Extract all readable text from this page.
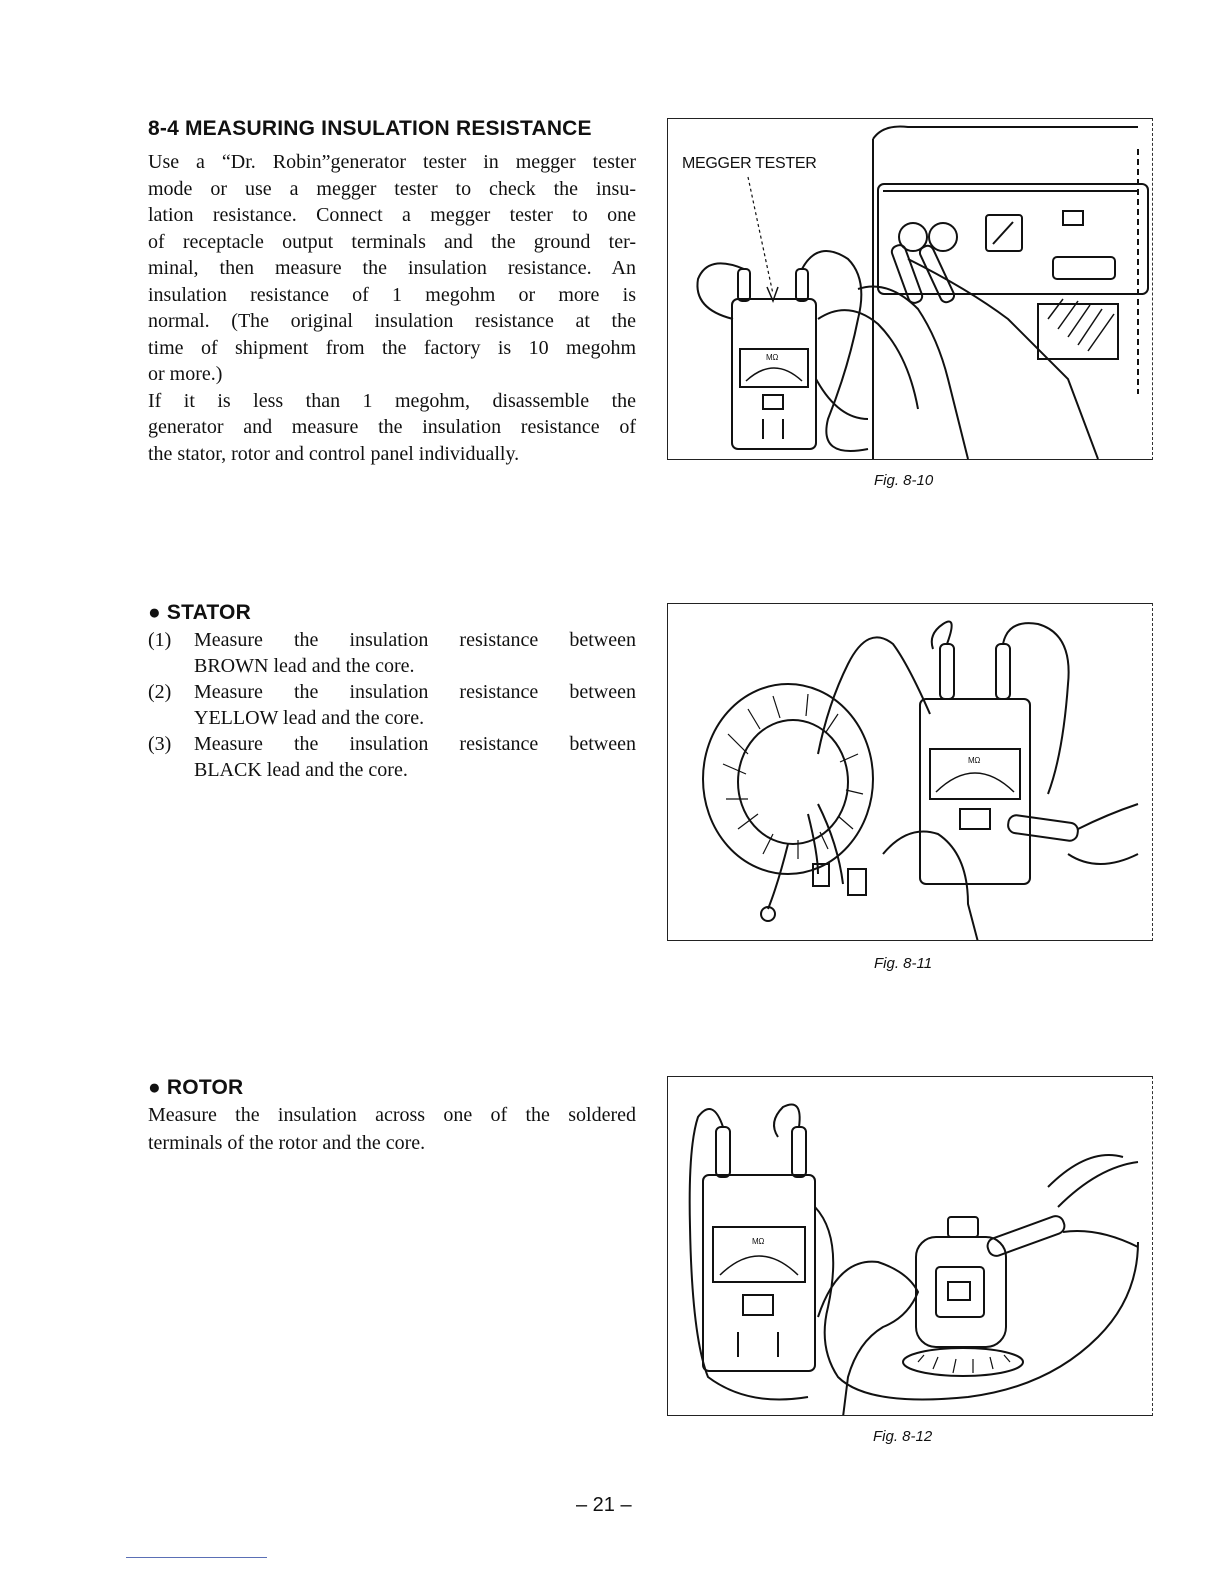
8-4 MEASURING INSULATION RESISTANCE
Use a “Dr. Robin”generator tester in megger tester
mode or use a megger tester to check the insu-
lation resistance. Connect a megger tester to one
of receptacle output terminals and the ground ter-
minal, then measure the insulation resistance. An
insulation resistance of 1 megohm or more is
normal. (The original insulation resistance at the
time of shipment from the factory is 10 megohm
or more.)
If it is less than 1 megohm, disassemble the
generator and measure the insulation resistance of
the stator, rotor and control panel individually.
MEGGER TESTER
MΩ
Fig. 8-10
● STATOR
(1) Measure the insulation resistance between
BROWN lead and the core.
(2) Measure the insulation resistance between
YELLOW lead and the core.
(3) Measure the insulation resistance between
BLACK lead and the core.	MΩ
Fig. 8-11
● ROTOR
Measure the insulation across one of the soldered
terminals of the rotor and the core.
MΩ
Fig. 8-12
– 21 –
